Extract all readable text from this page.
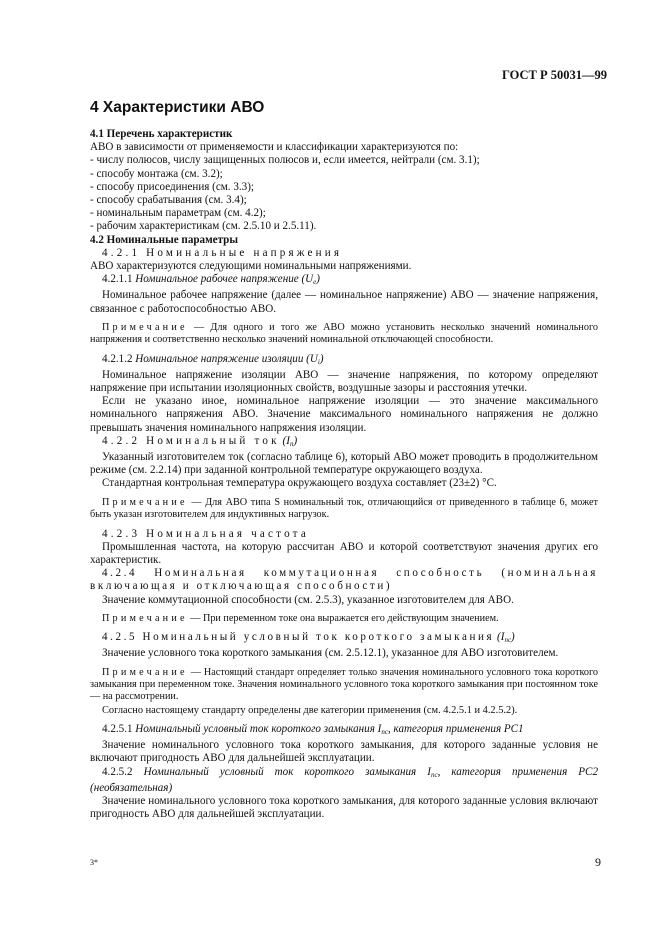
ГОСТ Р 50031—99
4 Характеристики АВО

4.1 Перечень характеристик

АВО в зависимости от применяемости и классификации характеризуются по:

- числу полюсов, числу защищенных полюсов и, если имеется, нейтрали (см. 3.1);

- способу монтажа (см. 3.2);

- способу присоединения (см. 3.3);

- способу срабатывания (см. 3.4);

- номинальным параметрам (см. 4.2);

- рабочим характеристикам (см. 2.5.10 и 2.5.11).

4.2 Номинальные параметры

4.2.1 Номинальные напряжения

АВО характеризуются следующими номинальными напряжениями.

4.2.1.1 Номинальное рабочее напряжение $(U_e)$

Номинальное рабочее напряжение (далее — номинальное напряжение) АВО — значение напряжения, связанное с работоспособностью АВО.

Примечание — Для одного и того же АВО можно установить несколько значений номинального напряжения и соответственно несколько значений номинальной отключающей способности.

4.2.1.2 Номинальное напряжение изоляции $(U_i)$

Номинальное напряжение изоляции АВО — значение напряжения, по которому определяют напряжение при испытании изоляционных свойств, воздушные зазоры и расстояния утечки.

Если не указано иное, номинальное напряжение изоляции — это значение максимального номинального напряжения АВО. Значение максимального номинального напряжения не должно превышать значения номинального напряжения изоляции.

4.2.2 Номинальный ток $(I_n)$

Указанный изготовителем ток (согласно таблице 6), который АВО может проводить в продолжительном режиме (см. 2.2.14) при заданной контрольной температуре окружающего воздуха.

Стандартная контрольная температура окружающего воздуха составляет (23±2) °С.

Примечание — Для АВО типа S номинальный ток, отличающийся от приведенного в таблице 6, может быть указан изготовителем для индуктивных нагрузок.

4.2.3 Номинальная частота

Промышленная частота, на которую рассчитан АВО и которой соответствуют значения других его характеристик.

4.2.4 Номинальная коммутационная способность (номинальная включающая и отключающая способности)

Значение коммутационной способности (см. 2.5.3), указанное изготовителем для АВО.

Примечание — При переменном токе она выражается его действующим значением.

4.2.5 Номинальный условный ток короткого замыкания $(I_{nc})$

Значение условного тока короткого замыкания (см. 2.5.12.1), указанное для АВО изготовителем.

Примечание — Настоящий стандарт определяет только значения номинального условного тока короткого замыкания при переменном токе. Значения номинального условного тока короткого замыкания при постоянном токе — на рассмотрении.

Согласно настоящему стандарту определены две категории применения (см. 4.2.5.1 и 4.2.5.2).

4.2.5.1 Номинальный условный ток короткого замыкания $I_{nc}$, категория применения РС1

Значение номинального условного тока короткого замыкания, для которого заданные условия не включают пригодность АВО для дальнейшей эксплуатации.

4.2.5.2 Номинальный условный ток короткого замыкания $I_{nc}$, категория применения РС2 (необязательная)

Значение номинального условного тока короткого замыкания, для которого заданные условия включают пригодность АВО для дальнейшей эксплуатации.

3*	9
